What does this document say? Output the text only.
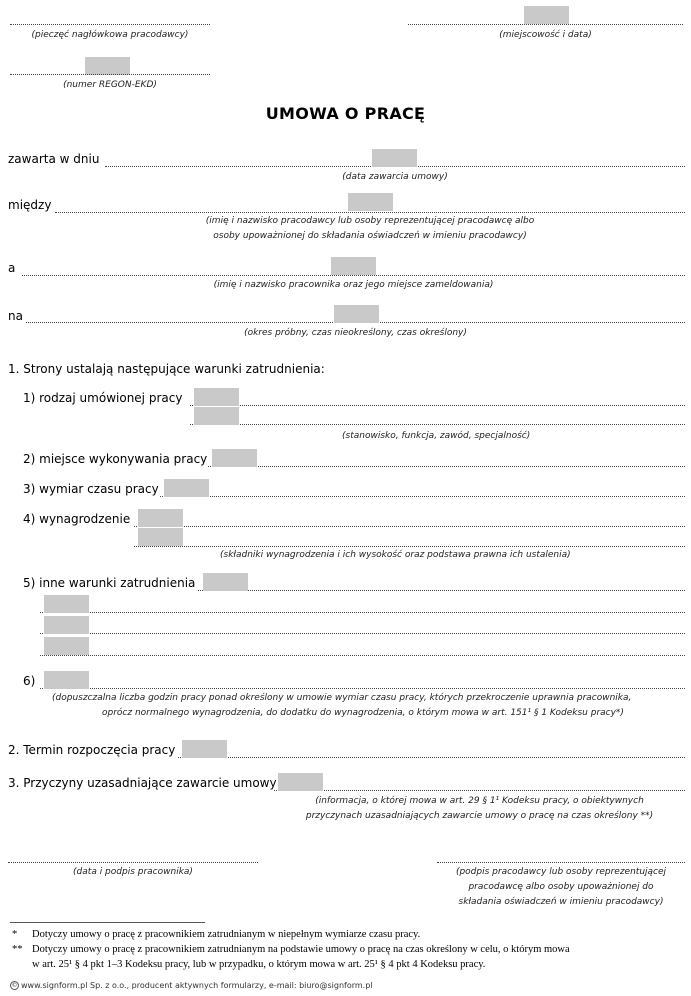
(pieczęć nagłówkowa pracodawcy)	(miejscowość i data)
(numer REGON-EKD)
UMOWA O PRACĘ
zawarta w dniu
(data zawarcia umowy)
między
(imię i nazwisko pracodawcy lub osoby reprezentującej pracodawcę albo
osoby upoważnionej do składania oświadczeń w imieniu pracodawcy)
a
(imię i nazwisko pracownika oraz jego miejsce zameldowania)
na
(okres próbny, czas nieokreślony, czas określony)
1. Strony ustalają następujące warunki zatrudnienia:
1) rodzaj umówionej pracy
(stanowisko, funkcja, zawód, specjalność)
2) miejsce wykonywania pracy
3) wymiar czasu pracy
4) wynagrodzenie
(składniki wynagrodzenia i ich wysokość oraz podstawa prawna ich ustalenia)
5) inne warunki zatrudnienia
6)
(dopuszczalna liczba godzin pracy ponad określony w umowie wymiar czasu pracy, których przekroczenie uprawnia pracownika,
oprócz normalnego wynagrodzenia, do dodatku do wynagrodzenia, o którym mowa w art. 151¹ § 1 Kodeksu pracy*)
2. Termin rozpoczęcia pracy
3. Przyczyny uzasadniające zawarcie umowy
(informacja, o której mowa w art. 29 § 1¹ Kodeksu pracy, o obiektywnych
przyczynach uzasadniających zawarcie umowy o pracę na czas określony **)
(data i podpis pracownika)	(podpis pracodawcy lub osoby reprezentującej
pracodawcę albo osoby upoważnionej do
składania oświadczeń w imieniu pracodawcy)
* Dotyczy umowy o pracę z pracownikiem zatrudnianym w niepełnym wymiarze czasu pracy.
** Dotyczy umowy o pracę z pracownikiem zatrudnianym na podstawie umowy o pracę na czas określony w celu, o którym mowa
w art. 25¹ § 4 pkt 1–3 Kodeksu pracy, lub w przypadku, o którym mowa w art. 25¹ § 4 pkt 4 Kodeksu pracy.
© www.signform.pl Sp. z o.o., producent aktywnych formularzy, e-mail: biuro@signform.pl
